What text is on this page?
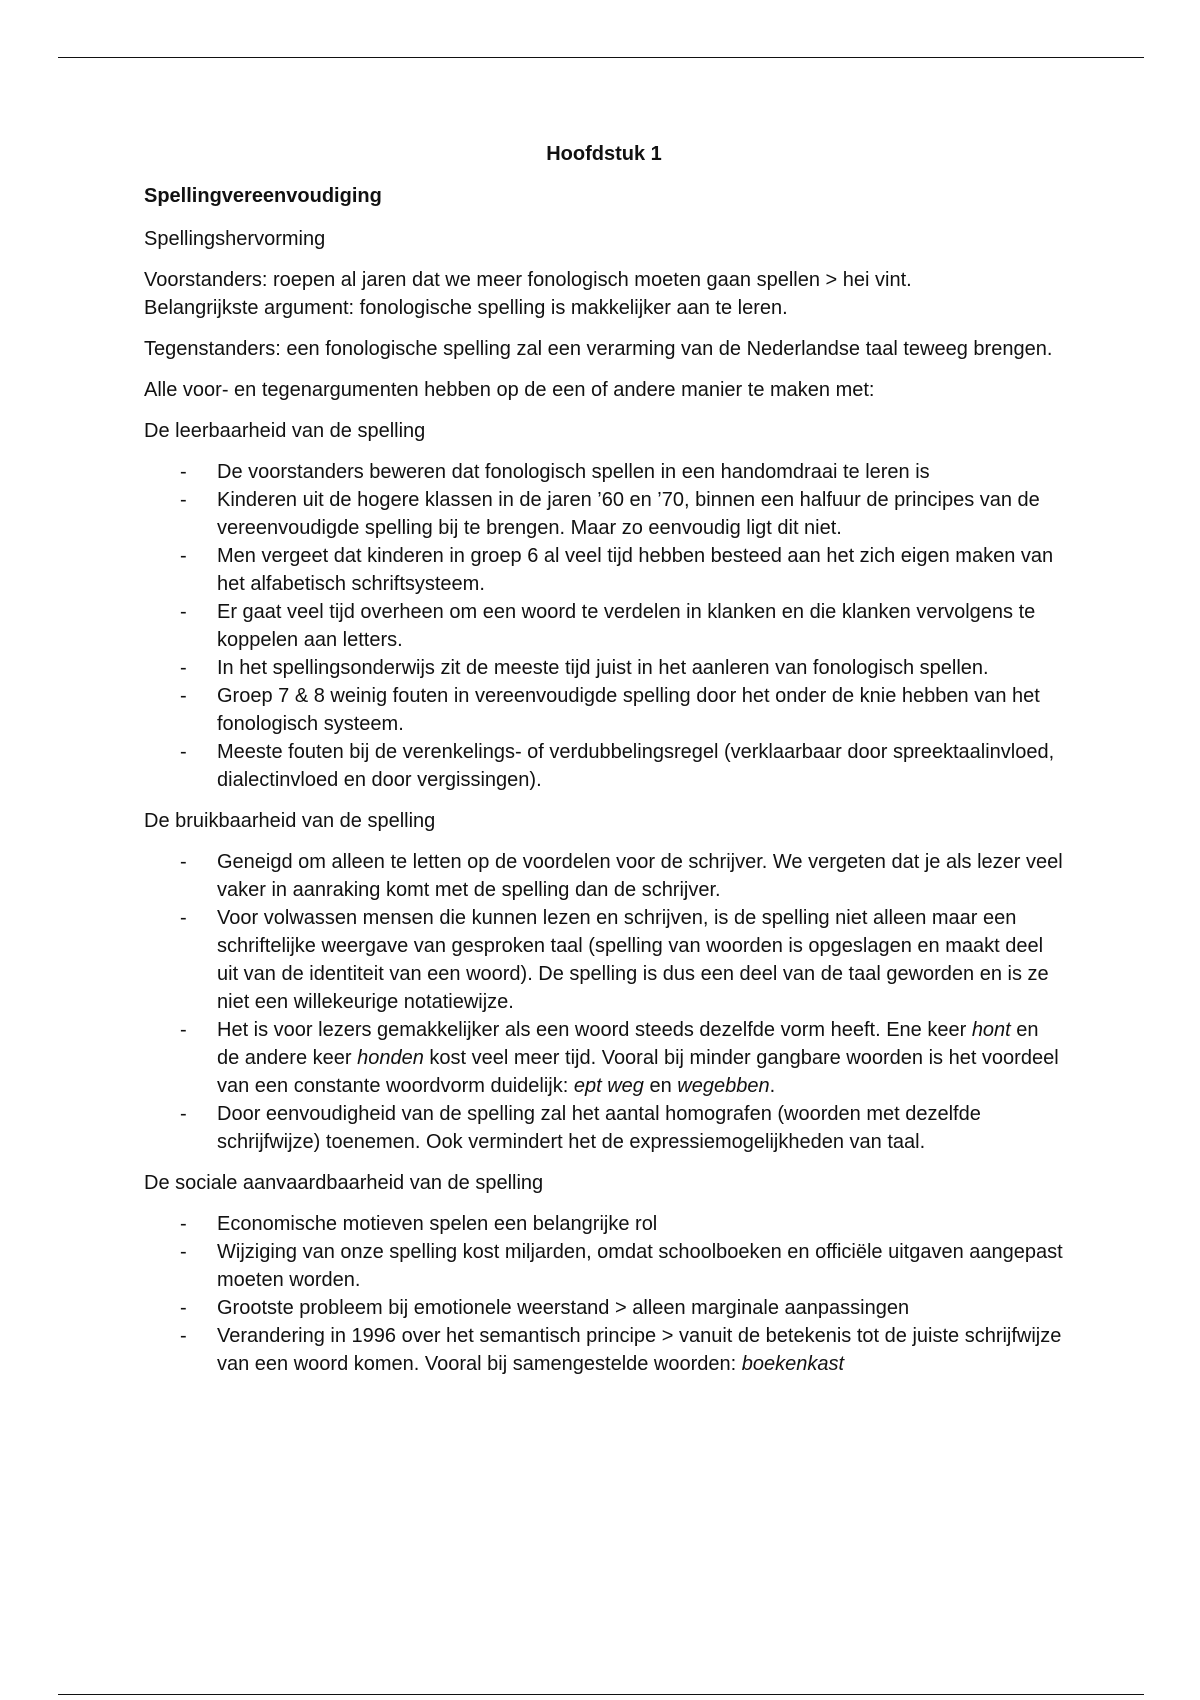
Hoofdstuk 1

Spellingvereenvoudiging

Spellingshervorming

Voorstanders: roepen al jaren dat we meer fonologisch moeten gaan spellen > hei vint.
Belangrijkste argument: fonologische spelling is makkelijker aan te leren.

Tegenstanders: een fonologische spelling zal een verarming van de Nederlandse taal teweeg brengen.

Alle voor- en tegenargumenten hebben op de een of andere manier te maken met:

De leerbaarheid van de spelling

- De voorstanders beweren dat fonologisch spellen in een handomdraai te leren is
- Kinderen uit de hogere klassen in de jaren ’60 en ’70, binnen een halfuur de principes van de vereenvoudigde spelling bij te brengen. Maar zo eenvoudig ligt dit niet.
- Men vergeet dat kinderen in groep 6 al veel tijd hebben besteed aan het zich eigen maken van het alfabetisch schriftsysteem.
- Er gaat veel tijd overheen om een woord te verdelen in klanken en die klanken vervolgens te koppelen aan letters.
- In het spellingsonderwijs zit de meeste tijd juist in het aanleren van fonologisch spellen.
- Groep 7 & 8 weinig fouten in vereenvoudigde spelling door het onder de knie hebben van het fonologisch systeem.
- Meeste fouten bij de verenkelings- of verdubbelingsregel (verklaarbaar door spreektaalinvloed, dialectinvloed en door vergissingen).

De bruikbaarheid van de spelling

- Geneigd om alleen te letten op de voordelen voor de schrijver. We vergeten dat je als lezer veel vaker in aanraking komt met de spelling dan de schrijver.
- Voor volwassen mensen die kunnen lezen en schrijven, is de spelling niet alleen maar een schriftelijke weergave van gesproken taal (spelling van woorden is opgeslagen en maakt deel uit van de identiteit van een woord). De spelling is dus een deel van de taal geworden en is ze niet een willekeurige notatiewijze.
- Het is voor lezers gemakkelijker als een woord steeds dezelfde vorm heeft. Ene keer hont en de andere keer honden kost veel meer tijd. Vooral bij minder gangbare woorden is het voordeel van een constante woordvorm duidelijk: ept weg en wegebben.
- Door eenvoudigheid van de spelling zal het aantal homografen (woorden met dezelfde schrijfwijze) toenemen. Ook vermindert het de expressiemogelijkheden van taal.

De sociale aanvaardbaarheid van de spelling

- Economische motieven spelen een belangrijke rol
- Wijziging van onze spelling kost miljarden, omdat schoolboeken en officiële uitgaven aangepast moeten worden.
- Grootste probleem bij emotionele weerstand > alleen marginale aanpassingen
- Verandering in 1996 over het semantisch principe > vanuit de betekenis tot de juiste schrijfwijze van een woord komen. Vooral bij samengestelde woorden: boekenkast
